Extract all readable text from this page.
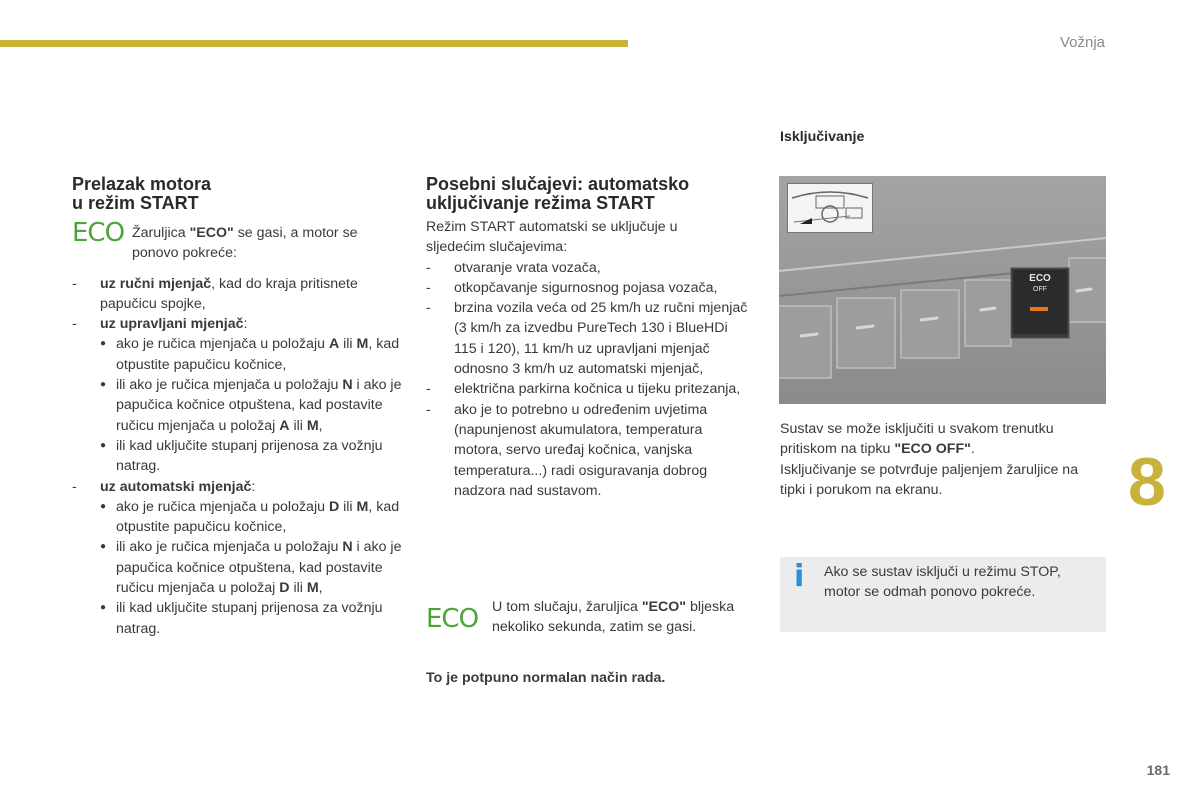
Vožnja
Prelazak motora
u režim START
ECO Žaruljica "ECO" se gasi, a motor se ponovo pokreće:
- uz ručni mjenjač, kad do kraja pritisnete papučicu spojke,
- uz upravljani mjenjač:
● ako je ručica mjenjača u položaju A ili M, kad otpustite papučicu kočnice,
● ili ako je ručica mjenjača u položaju N i ako je papučica kočnice otpuštena, kad postavite ručicu mjenjača u položaj A ili M,
● ili kad uključite stupanj prijenosa za vožnju natrag.
- uz automatski mjenjač:
● ako je ručica mjenjača u položaju D ili M, kad otpustite papučicu kočnice,
● ili ako je ručica mjenjača u položaju N i ako je papučica kočnice otpuštena, kad postavite ručicu mjenjača u položaj D ili M,
● ili kad uključite stupanj prijenosa za vožnju natrag.
Posebni slučajevi: automatsko
uključivanje režima START
Režim START automatski se uključuje u sljedećim slučajevima:
- otvaranje vrata vozača,
- otkopčavanje sigurnosnog pojasa vozača,
- brzina vozila veća od 25 km/h uz ručni mjenjač (3 km/h za izvedbu PureTech 130 i BlueHDi 115 i 120), 11 km/h uz upravljani mjenjač odnosno 3 km/h uz automatski mjenjač,
- električna parkirna kočnica u tijeku pritezanja,
- ako je to potrebno u određenim uvjetima (napunjenost akumulatora, temperatura motora, servo uređaj kočnica, vanjska temperatura...) radi osiguravanja dobrog nadzora nad sustavom.
ECO U tom slučaju, žaruljica "ECO" bljeska nekoliko sekunda, zatim se gasi.
To je potpuno normalan način rada.
Isključivanje
ECO
OFF
Sustav se može isključiti u svakom trenutku pritiskom na tipku "ECO OFF".
Isključivanje se potvrđuje paljenjem žaruljice na tipki i porukom na ekranu.
i Ako se sustav isključi u režimu STOP, motor se odmah ponovo pokreće.
8
181
